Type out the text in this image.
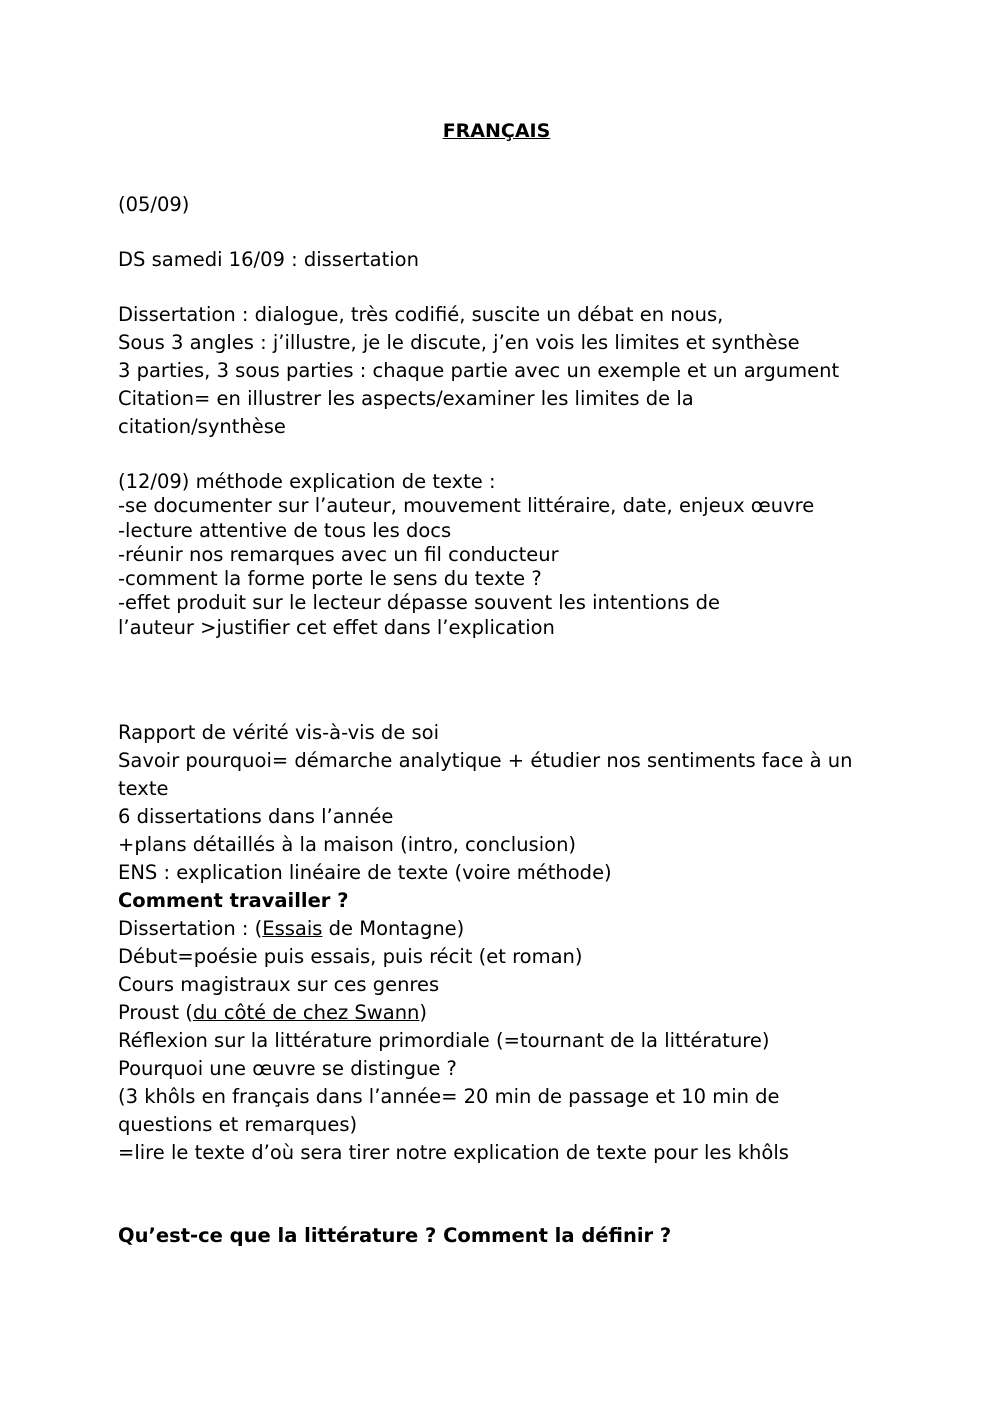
FRANÇAIS
(05/09)
DS samedi 16/09 : dissertation
Dissertation : dialogue, très codifié, suscite un débat en nous,
Sous 3 angles : j’illustre, je le discute, j’en vois les limites et synthèse
3 parties, 3 sous parties : chaque partie avec un exemple et un argument
Citation= en illustrer les aspects/examiner les limites de la
citation/synthèse
(12/09) méthode explication de texte :
-se documenter sur l’auteur, mouvement littéraire, date, enjeux œuvre
-lecture attentive de tous les docs
-réunir nos remarques avec un fil conducteur
-comment la forme porte le sens du texte ?
-effet produit sur le lecteur dépasse souvent les intentions de
l’auteur >justifier cet effet dans l’explication
Rapport de vérité vis-à-vis de soi
Savoir pourquoi= démarche analytique + étudier nos sentiments face à un
texte
6 dissertations dans l’année
+plans détaillés à la maison (intro, conclusion)
ENS : explication linéaire de texte (voire méthode)
Comment travailler ?
Dissertation : (Essais de Montagne)
Début=poésie puis essais, puis récit (et roman)
Cours magistraux sur ces genres
Proust (du côté de chez Swann)
Réflexion sur la littérature primordiale (=tournant de la littérature)
Pourquoi une œuvre se distingue ?
(3 khôls en français dans l’année= 20 min de passage et 10 min de
questions et remarques)
=lire le texte d’où sera tirer notre explication de texte pour les khôls
Qu’est-ce que la littérature ? Comment la définir ?
